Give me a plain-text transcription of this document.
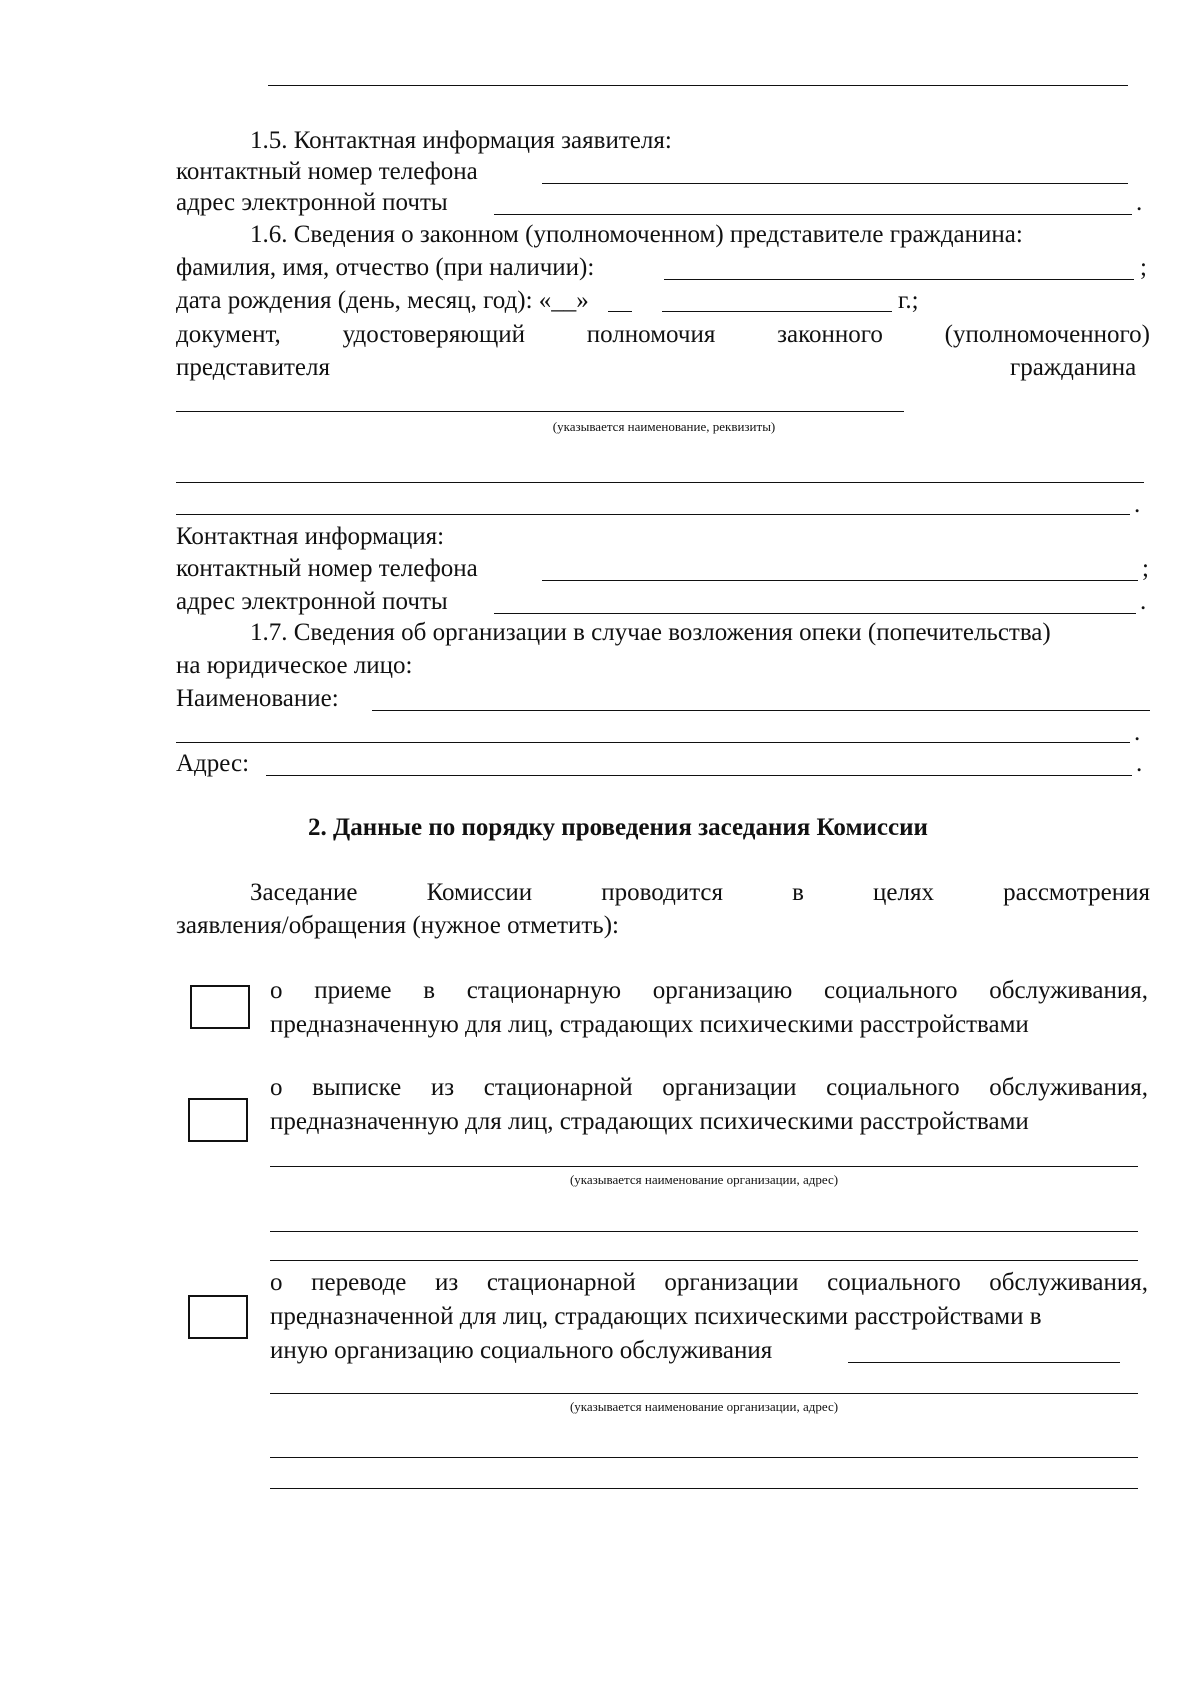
1.5. Контактная информация заявителя:
контактный номер телефона
адрес электронной почты	.
1.6. Сведения о законном (уполномоченном) представителе гражданина:
фамилия, имя, отчество (при наличии):	;
дата рождения (день, месяц, год): «__»	г.;
документ, удостоверяющий полномочия законного (уполномоченного)
представителя	гражданина
(указывается наименование, реквизиты)
.
Контактная информация:
контактный номер телефона	;
адрес электронной почты	.
1.7. Сведения об организации в случае возложения опеки (попечительства)
на юридическое лицо:
Наименование:
.
Адрес:	.
2. Данные по порядку проведения заседания Комиссии
Заседание Комиссии проводится в целях рассмотрения
заявления/обращения (нужное отметить):
о приеме в стационарную организацию социального обслуживания,
предназначенную для лиц, страдающих психическими расстройствами
о выписке из стационарной организации социального обслуживания,
предназначенную для лиц, страдающих психическими расстройствами
(указывается наименование организации, адрес)
о переводе из стационарной организации социального обслуживания,
предназначенной для лиц, страдающих психическими расстройствами в
иную организацию социального обслуживания
(указывается наименование организации, адрес)
